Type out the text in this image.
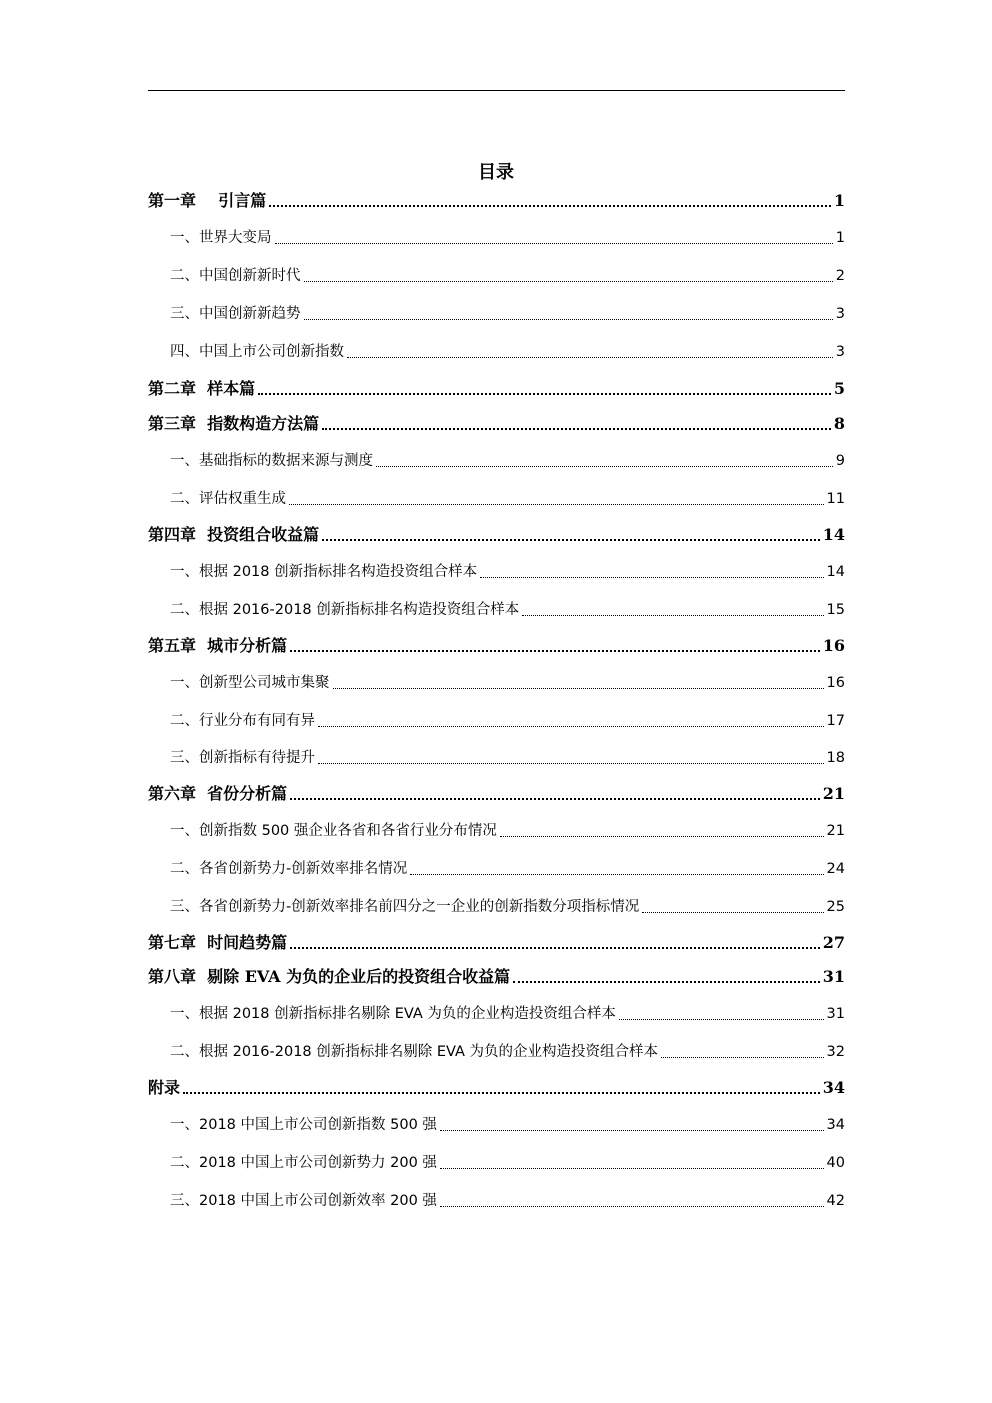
目录
第一章    引言篇	1
一、世界大变局	1
二、中国创新新时代	2
三、中国创新新趋势	3
四、中国上市公司创新指数	3
第二章  样本篇	5
第三章  指数构造方法篇	8
一、基础指标的数据来源与测度	9
二、评估权重生成	11
第四章  投资组合收益篇	14
一、根据 2018 创新指标排名构造投资组合样本	14
二、根据 2016-2018 创新指标排名构造投资组合样本	15
第五章  城市分析篇	16
一、创新型公司城市集聚	16
二、行业分布有同有异	17
三、创新指标有待提升	18
第六章  省份分析篇	21
一、创新指数 500 强企业各省和各省行业分布情况	21
二、各省创新势力-创新效率排名情况	24
三、各省创新势力-创新效率排名前四分之一企业的创新指数分项指标情况	25
第七章  时间趋势篇	27
第八章  剔除 EVA 为负的企业后的投资组合收益篇	31
一、根据 2018 创新指标排名剔除 EVA 为负的企业构造投资组合样本	31
二、根据 2016-2018 创新指标排名剔除 EVA 为负的企业构造投资组合样本	32
附录	34
一、2018 中国上市公司创新指数 500 强	34
二、2018 中国上市公司创新势力 200 强	40
三、2018 中国上市公司创新效率 200 强	42
